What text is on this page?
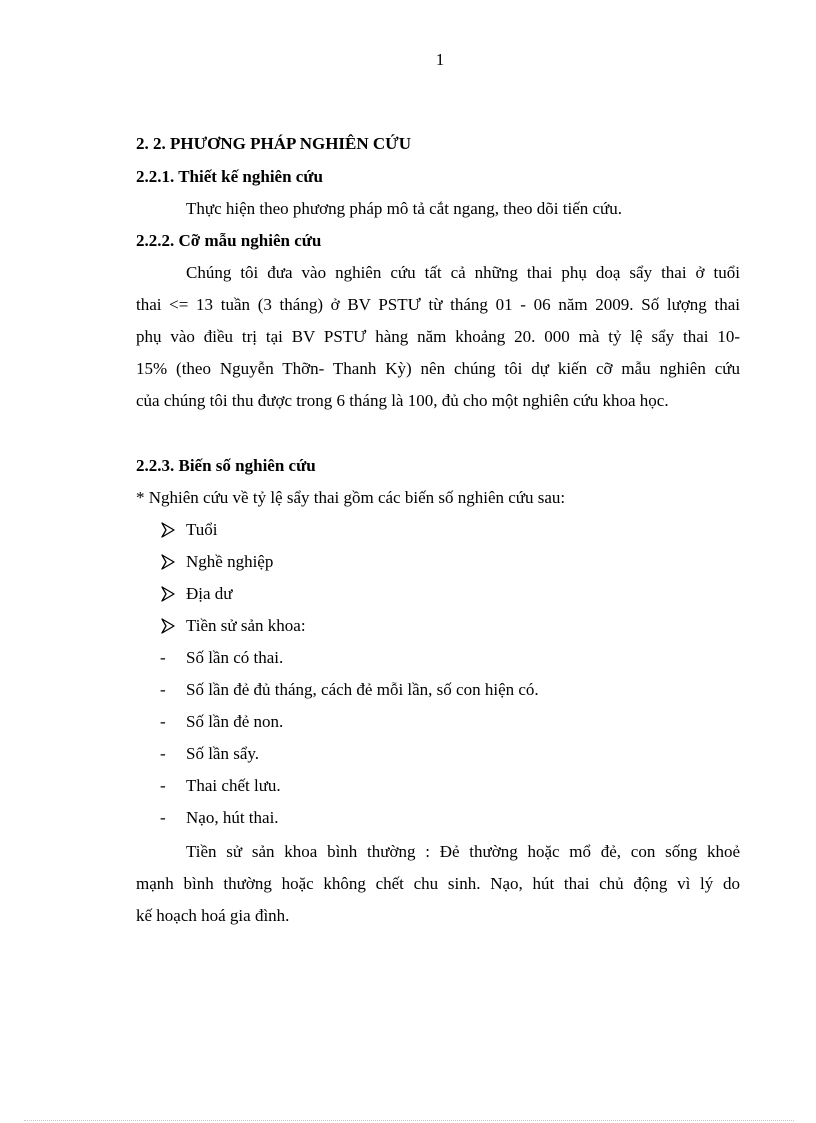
1
2. 2. PHƯƠNG PHÁP NGHIÊN CỨU
2.2.1. Thiết kế nghiên cứu
Thực hiện theo phương pháp mô tả cắt ngang, theo dõi tiến cứu.
2.2.2. Cỡ mẫu nghiên cứu
Chúng tôi đưa vào nghiên cứu tất cả những thai phụ doạ sẩy thai ở tuổi
thai <= 13 tuần (3 tháng) ở BV PSTƯ từ tháng 01 - 06 năm 2009. Số lượng thai
phụ vào điều trị tại BV PSTƯ hàng năm khoảng 20. 000 mà tỷ lệ sẩy thai 10-
15% (theo Nguyễn Thỡn- Thanh Kỳ) nên chúng tôi dự kiến cỡ mẫu nghiên cứu
của chúng tôi thu được trong 6 tháng là 100, đủ cho một nghiên cứu khoa học.
2.2.3. Biến số nghiên cứu
* Nghiên cứu về tỷ lệ sẩy thai gồm các biến số nghiên cứu sau:
Tuổi
Nghề nghiệp
Địa dư
Tiền sử sản khoa:
- Số lần có thai.
- Số lần đẻ đủ tháng, cách đẻ mỗi lần, số con hiện có.
- Số lần đẻ non.
- Số lần sẩy.
- Thai chết lưu.
- Nạo, hút thai.
Tiền sử sản khoa bình thường : Đẻ thường hoặc mổ đẻ, con sống khoẻ
mạnh bình thường hoặc không chết chu sinh. Nạo, hút thai chủ động vì lý do
kế hoạch hoá gia đình.
